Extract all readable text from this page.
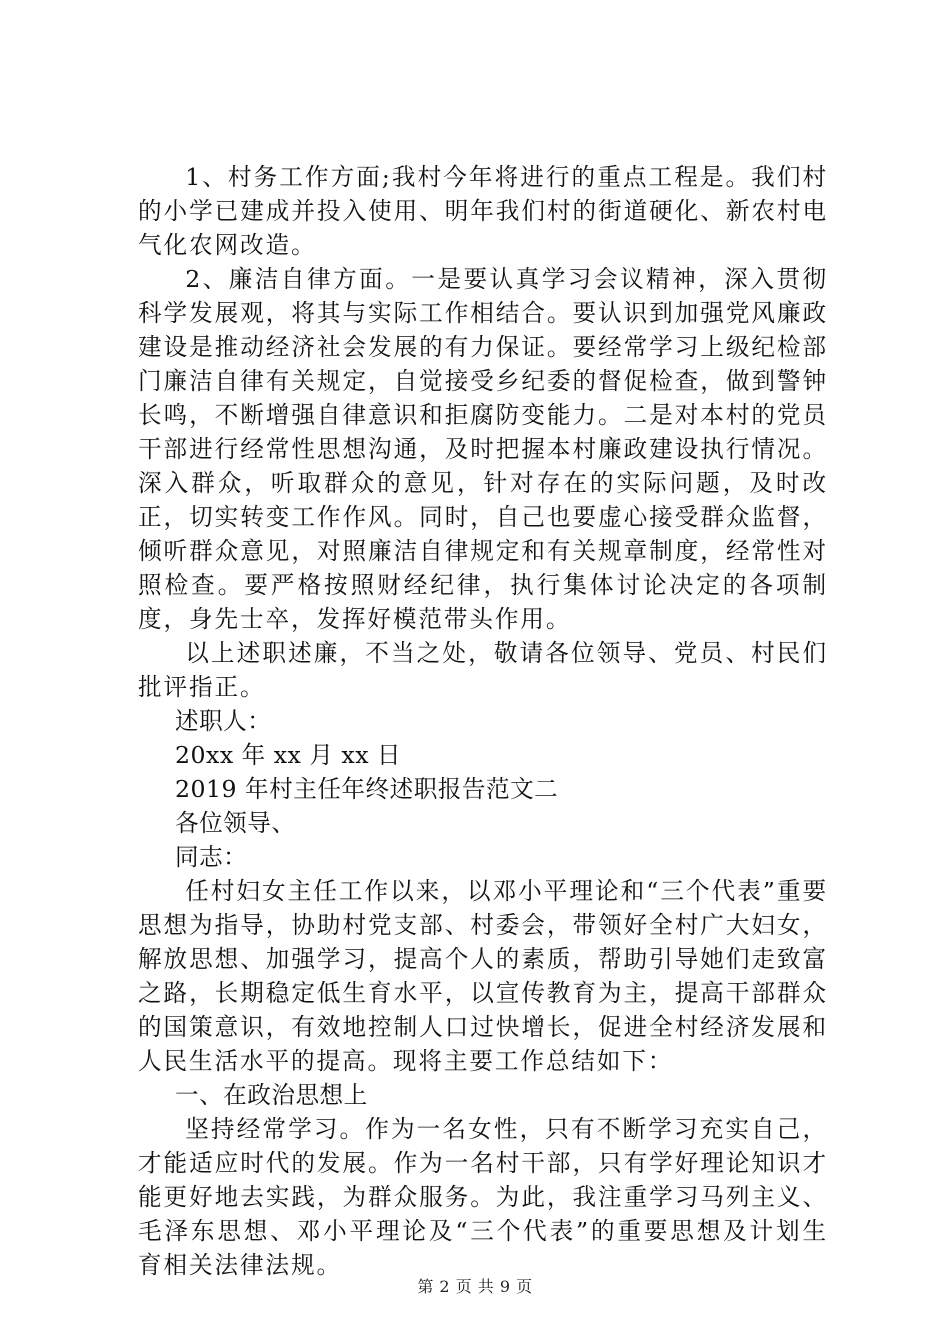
1、村务工作方面;我村今年将进行的重点工程是。我们村的小学已建成并投入使用、明年我们村的街道硬化、新农村电气化农网改造。

2、廉洁自律方面。一是要认真学习会议精神，深入贯彻科学发展观，将其与实际工作相结合。要认识到加强党风廉政建设是推动经济社会发展的有力保证。要经常学习上级纪检部门廉洁自律有关规定，自觉接受乡纪委的督促检查，做到警钟长鸣，不断增强自律意识和拒腐防变能力。二是对本村的党员干部进行经常性思想沟通，及时把握本村廉政建设执行情况。深入群众，听取群众的意见，针对存在的实际问题，及时改正，切实转变工作作风。同时，自己也要虚心接受群众监督，倾听群众意见，对照廉洁自律规定和有关规章制度，经常性对照检查。要严格按照财经纪律，执行集体讨论决定的各项制度，身先士卒，发挥好模范带头作用。

以上述职述廉，不当之处，敬请各位领导、党员、村民们批评指正。

述职人：

20xx 年 xx 月 xx 日

2019 年村主任年终述职报告范文二

各位领导、

同志：

任村妇女主任工作以来，以邓小平理论和“三个代表”重要思想为指导，协助村党支部、村委会，带领好全村广大妇女，解放思想、加强学习，提高个人的素质，帮助引导她们走致富之路，长期稳定低生育水平，以宣传教育为主，提高干部群众的国策意识，有效地控制人口过快增长，促进全村经济发展和人民生活水平的提高。现将主要工作总结如下：

一、在政治思想上

坚持经常学习。作为一名女性，只有不断学习充实自己，才能适应时代的发展。作为一名村干部，只有学好理论知识才能更好地去实践，为群众服务。为此，我注重学习马列主义、毛泽东思想、邓小平理论及“三个代表”的重要思想及计划生育相关法律法规。

第 2 页 共 9 页
